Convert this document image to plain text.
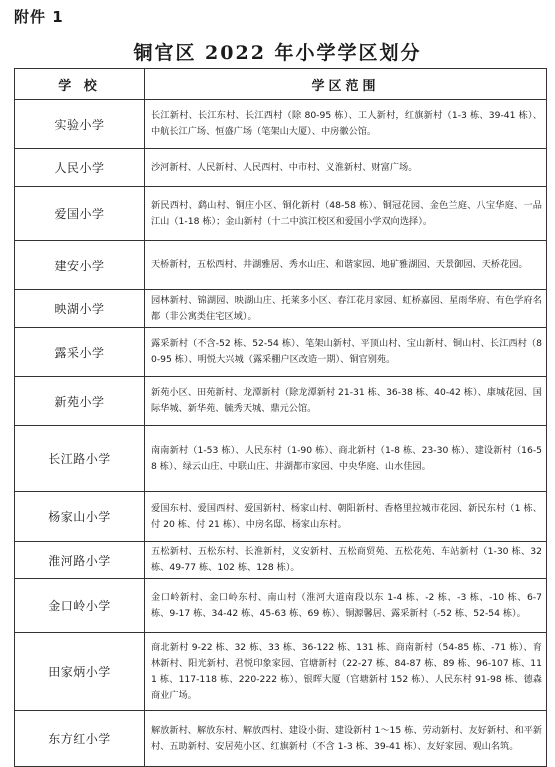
附件 1
铜官区 2022 年小学学区划分
学 校	学区范围
实验小学	长江新村、长江东村、长江西村（除 80-95 栋）、工人新村，红旗新村（1-3 栋、39-41 栋）、中航长江广场、恒盛广场（笔架山大厦）、中房徽公馆。
人民小学	沙河新村、人民新村、人民西村、中市村、义淮新村、财富广场。
爱国小学	新民西村、鹞山村、铜庄小区、铜化新村（48-58 栋）、铜冠花园、金色兰庭、八宝华庭、一品江山（1-18 栋）；金山新村（十二中滨江校区和爱国小学双向选择）。
建安小学	天桥新村，五松西村、井湖雅居、秀水山庄、和谐家园、地矿雅湖园、天景御园、天桥花园。
映湖小学	园林新村、锦湖园、映湖山庄、托莱多小区、春江花月家园、虹桥嘉园、星雨华府、有色学府名都（非公寓类住宅区域）。
露采小学	露采新村（不含-52 栋、52-54 栋）、笔架山新村、平顶山村、宝山新村、铜山村、长江西村（80-95 栋）、明悦大兴城（露采棚户区改造一期）、铜官别苑。
新苑小学	新苑小区、田苑新村、龙潭新村（除龙潭新村 21-31 栋、36-38 栋、40-42 栋）、康城花园、国际华城、新华苑、毓秀天城、鼎元公馆。
长江路小学	南南新村（1-53 栋）、人民东村（1-90 栋）、商北新村（1-8 栋、23-30 栋）、建设新村（16-58 栋）、绿云山庄、中联山庄、井湖都市家园、中央华庭、山水佳园。
杨家山小学	爱国东村、爱国西村、爱国新村、杨家山村、朝阳新村、香格里拉城市花园、新民东村（1 栋、付 20 栋、付 21 栋）、中房名邸、杨家山东村。
淮河路小学	五松新村、五松东村、长淮新村，义安新村、五松商贸苑、五松花苑、车站新村（1-30 栋、32 栋、49-77 栋、102 栋、128 栋）。
金口岭小学	金口岭新村、金口岭东村、南山村（淮河大道南段以东 1-4 栋、-2 栋、-3 栋、-10 栋、6-7 栋、9-17 栋、34-42 栋、45-63 栋、69 栋）、铜源馨居、露采新村（-52 栋、52-54 栋）。
田家炳小学	商北新村 9-22 栋、32 栋、33 栋、36-122 栋、131 栋、商南新村（54-85 栋、-71 栋）、育林新村、阳光新村、君悦印象家园、官塘新村（22-27 栋、84-87 栋、89 栋、96-107 栋、111 栋、117-118 栋、220-222 栋）、银晖大厦（官塘新村 152 栋）、人民东村 91-98 栋、德森商业广场。
东方红小学	解放新村、解放东村、解放西村、建设小街、建设新村 1～15 栋、劳动新村、友好新村、和平新村、五助新村、安居苑小区、红旗新村（不含 1-3 栋、39-41 栋）、友好家园、观山名筑。
